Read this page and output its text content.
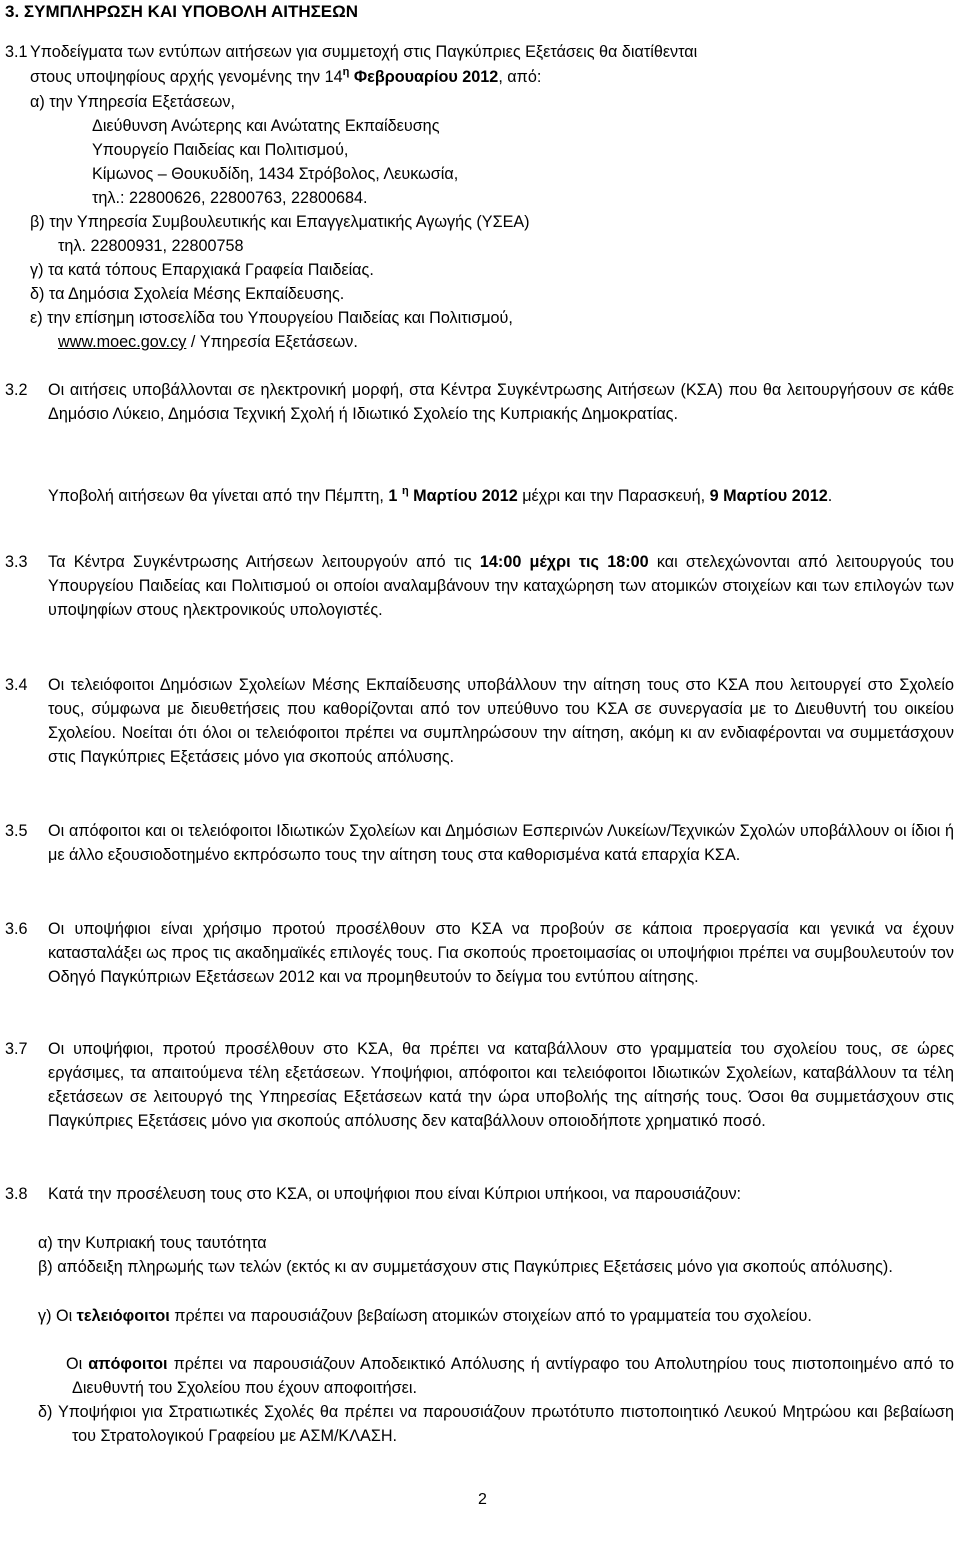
3. ΣΥΜΠΛΗΡΩΣΗ ΚΑΙ ΥΠΟΒΟΛΗ ΑΙΤΗΣΕΩΝ
3.1 Υποδείγματα των εντύπων αιτήσεων για συμμετοχή στις Παγκύπριες Εξετάσεις θα διατίθενται
στους υποψηφίους αρχής γενομένης την $14^\eta$ Φεβρουαρίου 2012, από:
α) την Υπηρεσία Εξετάσεων,
Διεύθυνση Ανώτερης και Ανώτατης Εκπαίδευσης
Υπουργείο Παιδείας και Πολιτισμού,
Κίμωνος – Θουκυδίδη, 1434 Στρόβολος, Λευκωσία,
τηλ.: 22800626, 22800763, 22800684.
β) την Υπηρεσία Συμβουλευτικής και Επαγγελματικής Αγωγής (ΥΣΕΑ)
τηλ. 22800931, 22800758
γ) τα κατά τόπους Επαρχιακά Γραφεία Παιδείας.
δ) τα Δημόσια Σχολεία Μέσης Εκπαίδευσης.
ε) την επίσημη ιστοσελίδα του Υπουργείου Παιδείας και Πολιτισμού,
www.moec.gov.cy / Υπηρεσία Εξετάσεων.
3.2 Οι αιτήσεις υποβάλλονται σε ηλεκτρονική μορφή, στα Κέντρα Συγκέντρωσης Αιτήσεων (ΚΣΑ) που θα λειτουργήσουν σε κάθε Δημόσιο Λύκειο, Δημόσια Τεχνική Σχολή ή Ιδιωτικό Σχολείο της Κυπριακής Δημοκρατίας.

Υποβολή αιτήσεων θα γίνεται από την Πέμπτη, 1 $^\eta$ Μαρτίου 2012 μέχρι και την Παρασκευή, 9 Μαρτίου 2012.

3.3 Τα Κέντρα Συγκέντρωσης Αιτήσεων λειτουργούν από τις 14:00 μέχρι τις 18:00 και στελεχώνονται από λειτουργούς του Υπουργείου Παιδείας και Πολιτισμού οι οποίοι αναλαμβάνουν την καταχώρηση των ατομικών στοιχείων και των επιλογών των υποψηφίων στους ηλεκτρονικούς υπολογιστές.

3.4 Οι τελειόφοιτοι Δημόσιων Σχολείων Μέσης Εκπαίδευσης υποβάλλουν την αίτηση τους στο ΚΣΑ που λειτουργεί στο Σχολείο τους, σύμφωνα με διευθετήσεις που καθορίζονται από τον υπεύθυνο του ΚΣΑ σε συνεργασία με το Διευθυντή του οικείου Σχολείου. Νοείται ότι όλοι οι τελειόφοιτοι πρέπει να συμπληρώσουν την αίτηση, ακόμη κι αν ενδιαφέρονται να συμμετάσχουν στις Παγκύπριες Εξετάσεις μόνο για σκοπούς απόλυσης.

3.5 Οι απόφοιτοι και οι τελειόφοιτοι Ιδιωτικών Σχολείων και Δημόσιων Εσπερινών Λυκείων/Τεχνικών Σχολών υποβάλλουν οι ίδιοι ή με άλλο εξουσιοδοτημένο εκπρόσωπο τους την αίτηση τους στα καθορισμένα κατά επαρχία ΚΣΑ.

3.6 Οι υποψήφιοι είναι χρήσιμο προτού προσέλθουν στο ΚΣΑ να προβούν σε κάποια προεργασία και γενικά να έχουν κατασταλάξει ως προς τις ακαδημαϊκές επιλογές τους. Για σκοπούς προετοιμασίας οι υποψήφιοι πρέπει να συμβουλευτούν τον Οδηγό Παγκύπριων Εξετάσεων 2012 και να προμηθευτούν το δείγμα του εντύπου αίτησης.

3.7 Οι υποψήφιοι, προτού προσέλθουν στο ΚΣΑ, θα πρέπει να καταβάλλουν στο γραμματεία του σχολείου τους, σε ώρες εργάσιμες, τα απαιτούμενα τέλη εξετάσεων. Υποψήφιοι, απόφοιτοι και τελειόφοιτοι Ιδιωτικών Σχολείων, καταβάλλουν τα τέλη εξετάσεων σε λειτουργό της Υπηρεσίας Εξετάσεων κατά την ώρα υποβολής της αίτησής τους. Όσοι θα συμμετάσχουν στις Παγκύπριες Εξετάσεις μόνο για σκοπούς απόλυσης δεν καταβάλλουν οποιοδήποτε χρηματικό ποσό.

3.8 Κατά την προσέλευση τους στο ΚΣΑ, οι υποψήφιοι που είναι Κύπριοι υπήκοοι, να παρουσιάζουν:

α) την Κυπριακή τους ταυτότητα

β) απόδειξη πληρωμής των τελών (εκτός κι αν συμμετάσχουν στις Παγκύπριες Εξετάσεις μόνο για σκοπούς απόλυσης).

γ) Οι τελειόφοιτοι πρέπει να παρουσιάζουν βεβαίωση ατομικών στοιχείων από το γραμματεία του σχολείου.

Οι απόφοιτοι πρέπει να παρουσιάζουν Αποδεικτικό Απόλυσης ή αντίγραφο του Απολυτηρίου τους πιστοποιημένο από το Διευθυντή του Σχολείου που έχουν αποφοιτήσει.

δ) Υποψήφιοι για Στρατιωτικές Σχολές θα πρέπει να παρουσιάζουν πρωτότυπο πιστοποιητικό Λευκού Μητρώου και βεβαίωση του Στρατολογικού Γραφείου με ΑΣΜ/ΚΛΑΣΗ.

2
